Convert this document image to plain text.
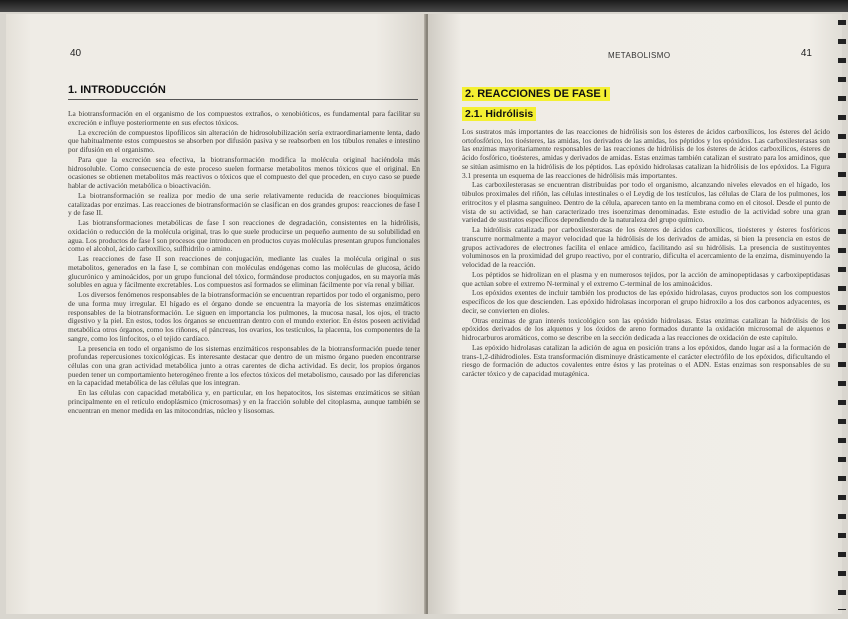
40
1. INTRODUCCIÓN

La biotransformación en el organismo de los compuestos extraños, o xenobióticos, es fundamental para facilitar su excreción e influye posteriormente en sus efectos tóxicos.

La excreción de compuestos lipofílicos sin alteración de hidrosolubilización sería extraordinariamente lenta, dado que habitualmente estos compuestos se absorben por difusión pasiva y se reabsorben en los túbulos renales e intestino por difusión en el organismo.

Para que la excreción sea efectiva, la biotransformación modifica la molécula original haciéndola más hidrosoluble. Como consecuencia de este proceso suelen formarse metabolitos menos tóxicos que el original. En ocasiones se obtienen metabolitos más reactivos o tóxicos que el compuesto del que proceden, en cuyo caso se puede hablar de activación metabólica o bioactivación.

La biotransformación se realiza por medio de una serie relativamente reducida de reacciones bioquímicas catalizadas por enzimas. Las reacciones de biotransformación se clasifican en dos grandes grupos: reacciones de fase I y de fase II.

Las biotransformaciones metabólicas de fase I son reacciones de degradación, consistentes en la hidrólisis, oxidación o reducción de la molécula original, tras lo que suele producirse un pequeño aumento de su solubilidad en agua. Los productos de fase I son procesos que introducen en productos cuyas moléculas presentan grupos funcionales como el alcohol, ácido carboxílico, sulfhidrilo o amino.

Las reacciones de fase II son reacciones de conjugación, mediante las cuales la molécula original o sus metabolitos, generados en la fase I, se combinan con moléculas endógenas como las moléculas de glucosa, ácido glucurónico y aminoácidos, por un grupo funcional del tóxico, formándose productos conjugados, en su mayoría más solubles en agua y fácilmente excretables. Los compuestos así formados se eliminan fácilmente por vía renal y biliar.

Los diversos fenómenos responsables de la biotransformación se encuentran repartidos por todo el organismo, pero de una forma muy irregular. El hígado es el órgano donde se encuentra la mayoría de los sistemas enzimáticos responsables de la biotransformación. Le siguen en importancia los pulmones, la mucosa nasal, los ojos, el tracto digestivo y la piel. En estos, todos los órganos se encuentran dentro con el mundo exterior. En éstos poseen actividad metabólica otros órganos, como los riñones, el páncreas, los ovarios, los testículos, la placenta, los componentes de la sangre, como los linfocitos, o el tejido cardíaco.

La presencia en todo el organismo de los sistemas enzimáticos responsables de la biotransformación puede tener profundas repercusiones toxicológicas. Es interesante destacar que dentro de un mismo órgano pueden encontrarse células con una gran actividad metabólica junto a otras carentes de dicha actividad. Es decir, los propios órganos pueden tener un comportamiento heterogéneo frente a los efectos tóxicos del metabolismo, causado por las diferencias en la capacidad metabólica de las células que los integran.

En las células con capacidad metabólica y, en particular, en los hepatocitos, los sistemas enzimáticos se sitúan principalmente en el retículo endoplásmico (microsomas) y en la fracción soluble del citoplasma, aunque también se encuentran en menor medida en las mitocondrias, núcleo y lisosomas.

METABOLISMO	41
2. REACCIONES DE FASE I
2.1. Hidrólisis

Los sustratos más importantes de las reacciones de hidrólisis son los ésteres de ácidos carboxílicos, los ésteres del ácido ortofosfórico, los tioésteres, las amidas, los derivados de las amidas, los péptidos y los epóxidos. Las carboxilesterasas son las enzimas mayoritariamente responsables de las reacciones de hidrólisis de los ésteres de ácidos carboxílicos, ésteres de ácido fosfórico, tioésteres, amidas y derivados de amidas. Estas enzimas también catalizan el sustrato para los amidinos, que se sitúan asimismo en la hidrólisis de los péptidos. Las epóxido hidrolasas catalizan la hidrólisis de los epóxidos. La Figura 3.1 presenta un esquema de las reacciones de hidrólisis más importantes.

Las carboxilesterasas se encuentran distribuidas por todo el organismo, alcanzando niveles elevados en el hígado, los túbulos proximales del riñón, las células intestinales o el Leydig de los testículos, las células de Clara de los pulmones, los eritrocitos y el plasma sanguíneo. Dentro de la célula, aparecen tanto en la membrana como en el citosol. Desde el punto de vista de su actividad, se han caracterizado tres isoenzimas denominadas. Este estudio de la actividad sobre una gran variedad de sustratos específicos dependiendo de la naturaleza del grupo químico.

La hidrólisis catalizada por carboxilesterasas de los ésteres de ácidos carboxílicos, tioésteres y ésteres fosfóricos transcurre normalmente a mayor velocidad que la hidrólisis de los derivados de amidas, si bien la presencia en estos de grupos activadores de electrones facilita el enlace amídico, facilitando así su hidrólisis. La presencia de sustituyentes voluminosos en la proximidad del grupo reactivo, por el contrario, dificulta el acercamiento de la enzima, disminuyendo la velocidad de la reacción.

Los péptidos se hidrolizan en el plasma y en numerosos tejidos, por la acción de aminopeptidasas y carboxipeptidasas que actúan sobre el extremo N-terminal y el extremo C-terminal de los aminoácidos.

Los epóxidos exentes de incluir también los productos de las epóxido hidrolasas, cuyos productos son los compuestos específicos de los que descienden. Las epóxido hidrolasas incorporan el grupo hidroxilo a los dos carbonos adyacentes, es decir, se convierten en dioles.

Otras enzimas de gran interés toxicológico son las epóxido hidrolasas. Estas enzimas catalizan la hidrólisis de los epóxidos derivados de los alquenos y los óxidos de areno formados durante la oxidación microsomal de alquenos e hidrocarburos aromáticos, como se describe en la sección dedicada a las reacciones de oxidación de este capítulo.

Las epóxido hidrolasas catalizan la adición de agua en posición trans a los epóxidos, dando lugar así a la formación de trans-1,2-dihidrodioles. Esta transformación disminuye drásticamente el carácter electrófilo de los epóxidos, dificultando el riesgo de formación de aductos covalentes entre éstos y las proteínas o el ADN. Estas enzimas son responsables de su carácter tóxico y de capacidad mutagénica.
